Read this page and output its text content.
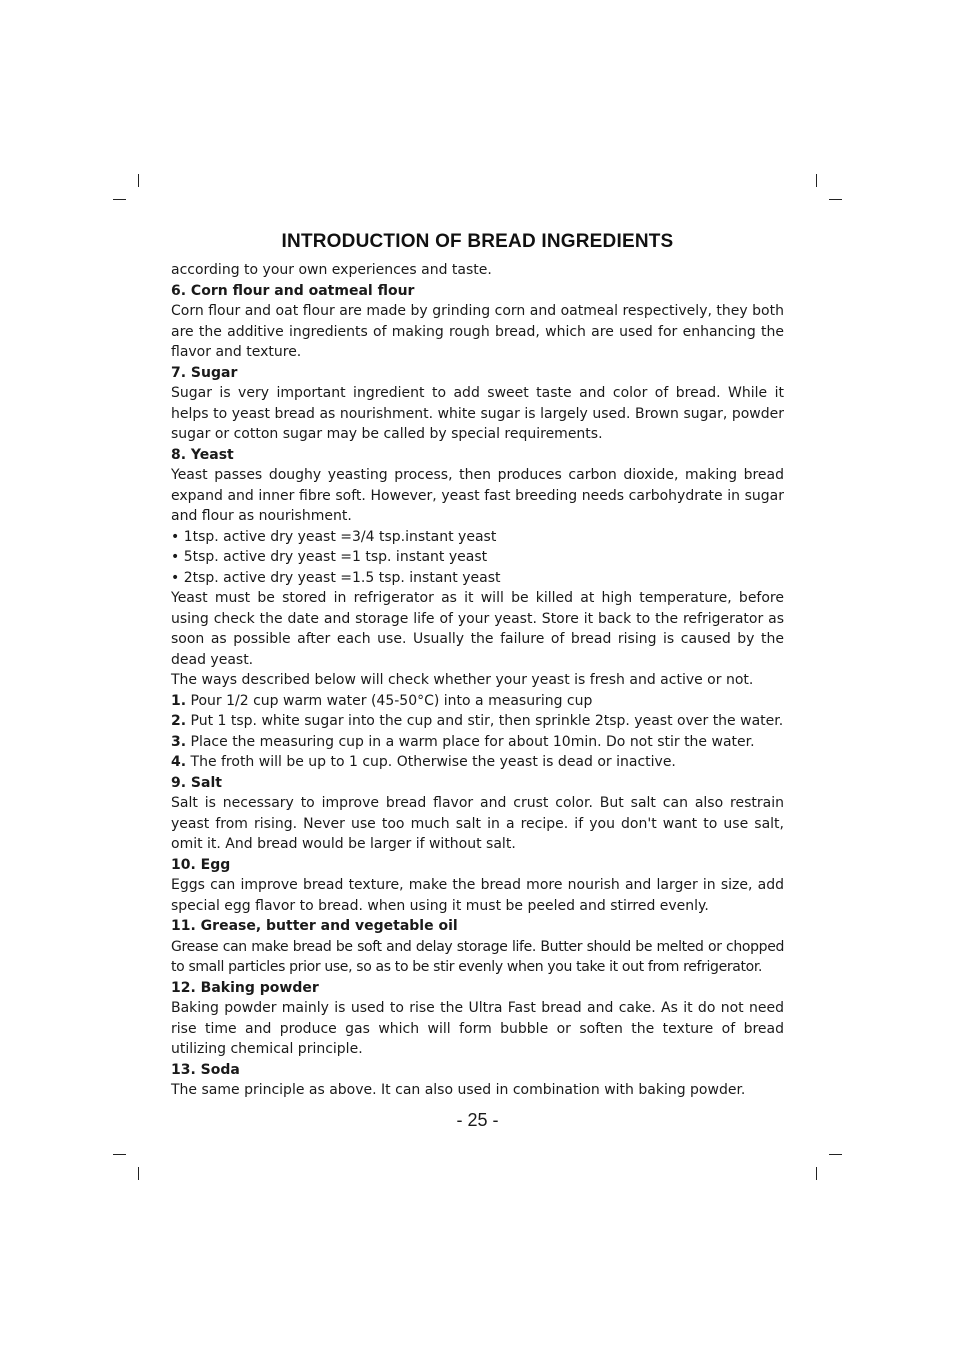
INTRODUCTION OF BREAD INGREDIENTS

according to your own experiences and taste.

6. Corn flour and oatmeal flour

Corn flour and oat flour are made by grinding corn and oatmeal respectively, they both are the additive ingredients of making rough bread, which are used for enhancing the flavor and texture.

7. Sugar

Sugar is very important ingredient to add sweet taste and color of bread. While it helps to yeast bread as nourishment. white sugar is largely used. Brown sugar, powder sugar or cotton sugar may be called by special requirements.

8. Yeast

Yeast passes doughy yeasting process, then produces carbon dioxide, making bread expand and inner fibre soft. However, yeast fast breeding needs carbohydrate in sugar and flour as nourishment.

• 1tsp. active dry yeast =3/4 tsp.instant yeast

• 5tsp. active dry yeast =1 tsp. instant yeast

• 2tsp. active dry yeast =1.5 tsp. instant yeast

Yeast must be stored in refrigerator as it will be killed at high temperature, before using check the date and storage life of your yeast. Store it back to the refrigerator as soon as possible after each use. Usually the failure of bread rising is caused by the dead yeast.

The ways described below will check whether your yeast is fresh and active or not.

1. Pour 1/2 cup warm water (45-50°C) into a measuring cup

2. Put 1 tsp. white sugar into the cup and stir, then sprinkle 2tsp. yeast over the water.

3. Place the measuring cup in a warm place for about 10min. Do not stir the water.

4. The froth will be up to 1 cup. Otherwise the yeast is dead or inactive.

9. Salt

Salt is necessary to improve bread flavor and crust color. But salt can also restrain yeast from rising. Never use too much salt in a recipe. if you don't want to use salt, omit it. And bread would be larger if without salt.

10. Egg

Eggs can improve bread texture, make the bread more nourish and larger in size, add special egg flavor to bread. when using it must be peeled and stirred evenly.

11. Grease, butter and vegetable oil

Grease can make bread be soft and delay storage life. Butter should be melted or chopped to small particles prior use, so as to be stir evenly when you take it out from refrigerator.

12. Baking powder

Baking powder mainly is used to rise the Ultra Fast bread and cake. As it do not need rise time and produce gas which will form bubble or soften the texture of bread utilizing chemical principle.

13. Soda

The same principle as above. It can also used in combination with baking powder.

- 25 -
